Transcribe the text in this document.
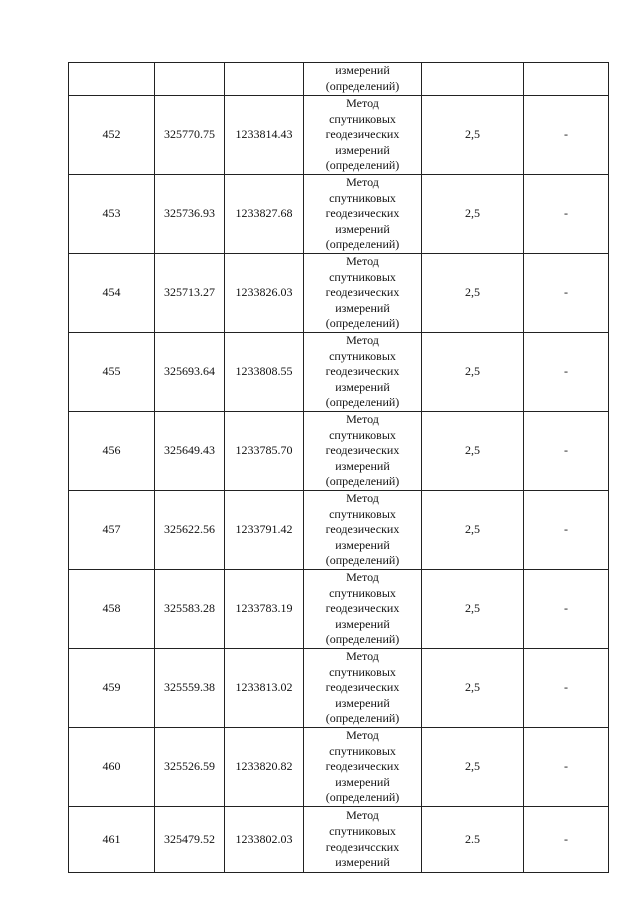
			измерений
(определений)		

452	325770.75	1233814.43	Метод
спутниковых
геодезических
измерений
(определений)	2,5	-
453	325736.93	1233827.68	Метод
спутниковых
геодезических
измерений
(определений)	2,5	-
454	325713.27	1233826.03	Метод
спутниковых
геодезических
измерений
(определений)	2,5	-
455	325693.64	1233808.55	Метод
спутниковых
геодезических
измерений
(определений)	2,5	-
456	325649.43	1233785.70	Метод
спутниковых
геодезических
измерений
(определений)	2,5	-
457	325622.56	1233791.42	Метод
спутниковых
геодезических
измерений
(определений)	2,5	-
458	325583.28	1233783.19	Метод
спутниковых
геодезических
измерений
(определений)	2,5	-
459	325559.38	1233813.02	Метод
спутниковых
геодезических
измерений
(определений)	2,5	-
460	325526.59	1233820.82	Метод
спутниковых
геодезических
измерений
(определений)	2,5	-
461	325479.52	1233802.03	Метод
спутниковых
геодезичсских
измерений	2.5	-
